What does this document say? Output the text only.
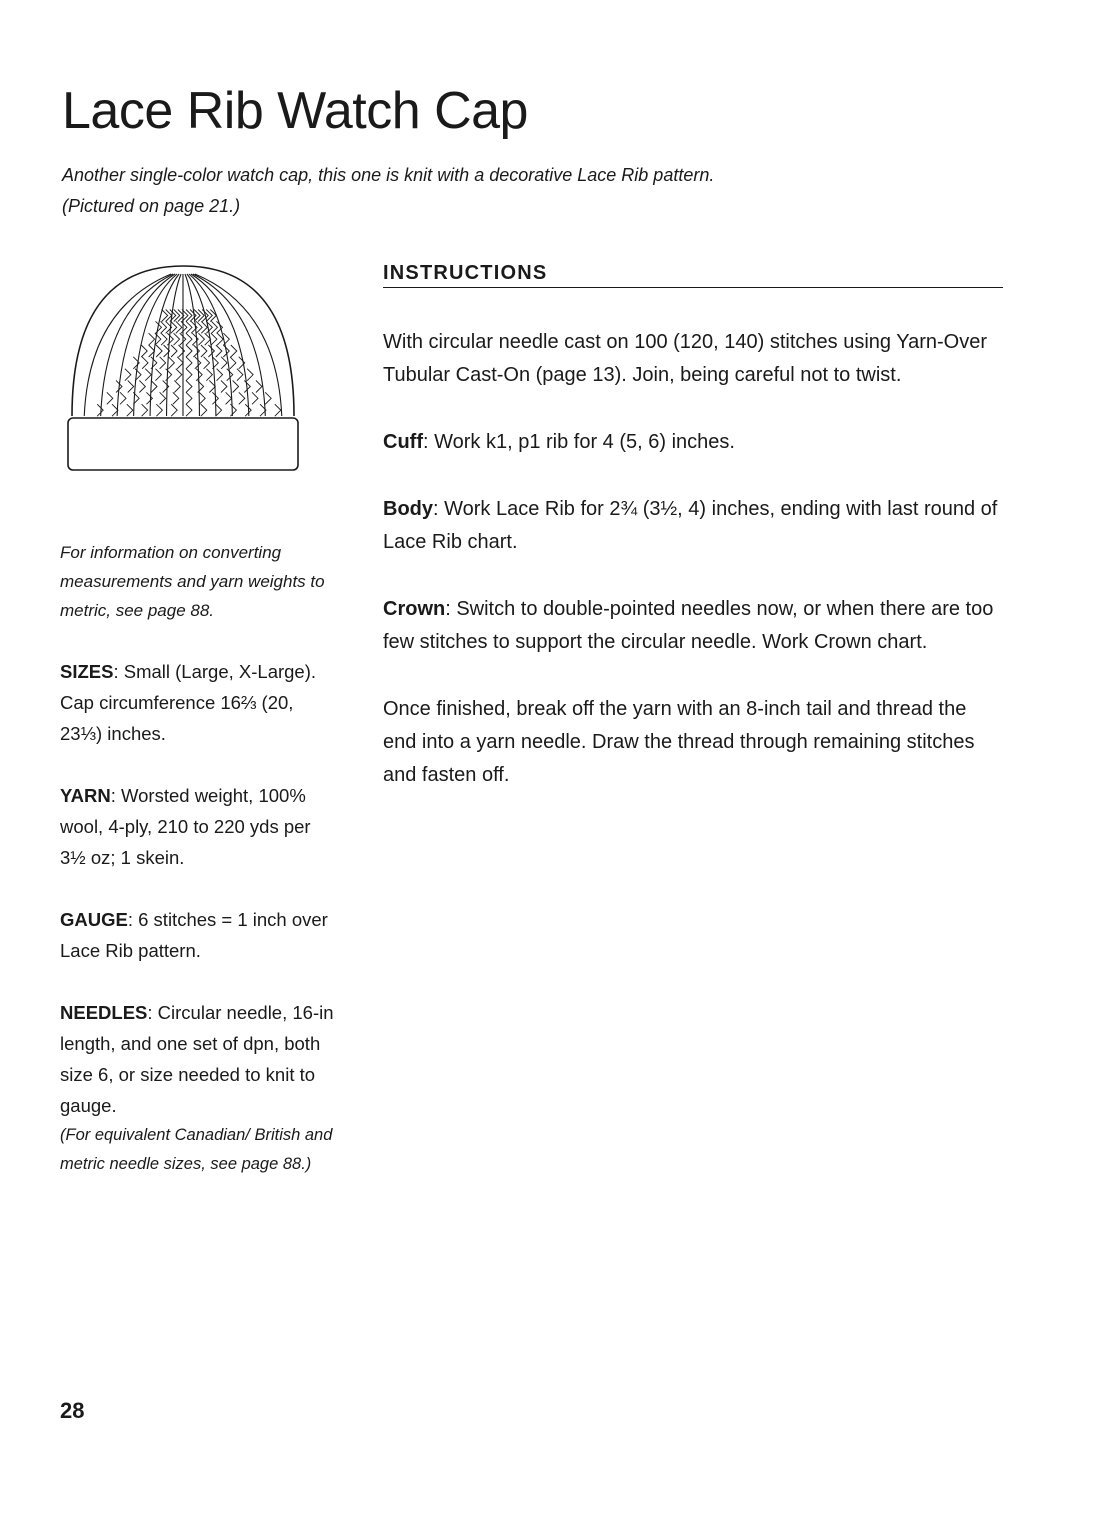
Lace Rib Watch Cap

Another single-color watch cap, this one is knit with a decorative Lace Rib pattern.
(Pictured on page 21.)

For information on converting measurements and yarn weights to metric, see page 88.

SIZES: Small (Large, X-Large). Cap circumference 16⅔ (20, 23⅓) inches.

YARN: Worsted weight, 100% wool, 4-ply, 210 to 220 yds per 3½ oz; 1 skein.

GAUGE: 6 stitches = 1 inch over Lace Rib pattern.

NEEDLES: Circular needle, 16-in length, and one set of dpn, both size 6, or size needed to knit to gauge.
(For equivalent Canadian/ British and metric needle sizes, see page 88.)

INSTRUCTIONS

With circular needle cast on 100 (120, 140) stitches using Yarn-Over Tubular Cast-On (page 13). Join, being careful not to twist.

Cuff: Work k1, p1 rib for 4 (5, 6) inches.

Body: Work Lace Rib for 2¾ (3½, 4) inches, ending with last round of Lace Rib chart.

Crown: Switch to double-pointed needles now, or when there are too few stitches to support the circular needle. Work Crown chart.

Once finished, break off the yarn with an 8-inch tail and thread the end into a yarn needle. Draw the thread through remaining stitches and fasten off.

28
